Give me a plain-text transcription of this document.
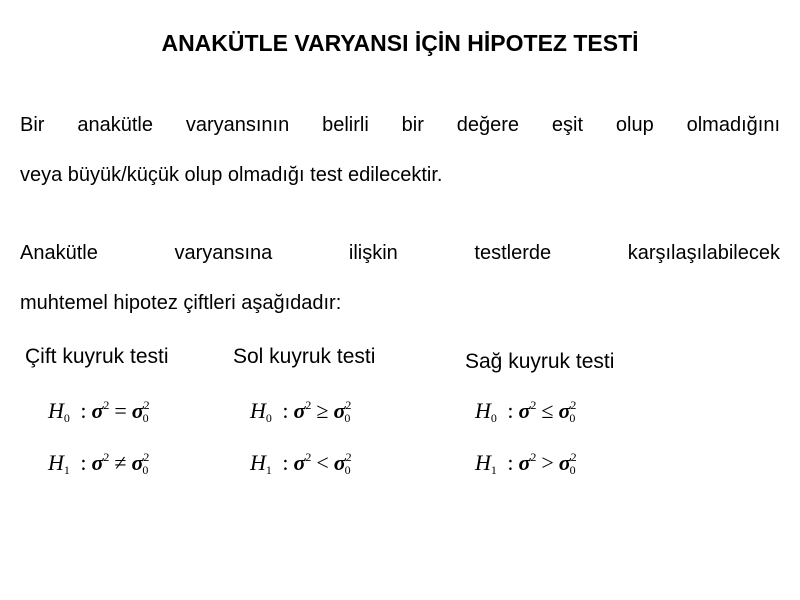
ANAKÜTLE VARYANSI İÇİN HİPOTEZ TESTİ
Bir anakütle varyansının belirli bir değere eşit olup olmadığını
veya büyük/küçük olup olmadığı test edilecektir.
Anakütle varyansına ilişkin testlerde karşılaşılabilecek
muhtemel hipotez çiftleri aşağıdadır:
Çift kuyruk testi	Sol kuyruk testi	Sağ kuyruk testi
$H_0$ : $\sigma^2 = \sigma^2_0$
$H_1$ : $\sigma^2 \ne \sigma^2_0$
$H_0$ : $\sigma^2 \ge \sigma^2_0$
$H_1$ : $\sigma^2 < \sigma^2_0$
$H_0$ : $\sigma^2 \le \sigma^2_0$
$H_1$ : $\sigma^2 > \sigma^2_0$
